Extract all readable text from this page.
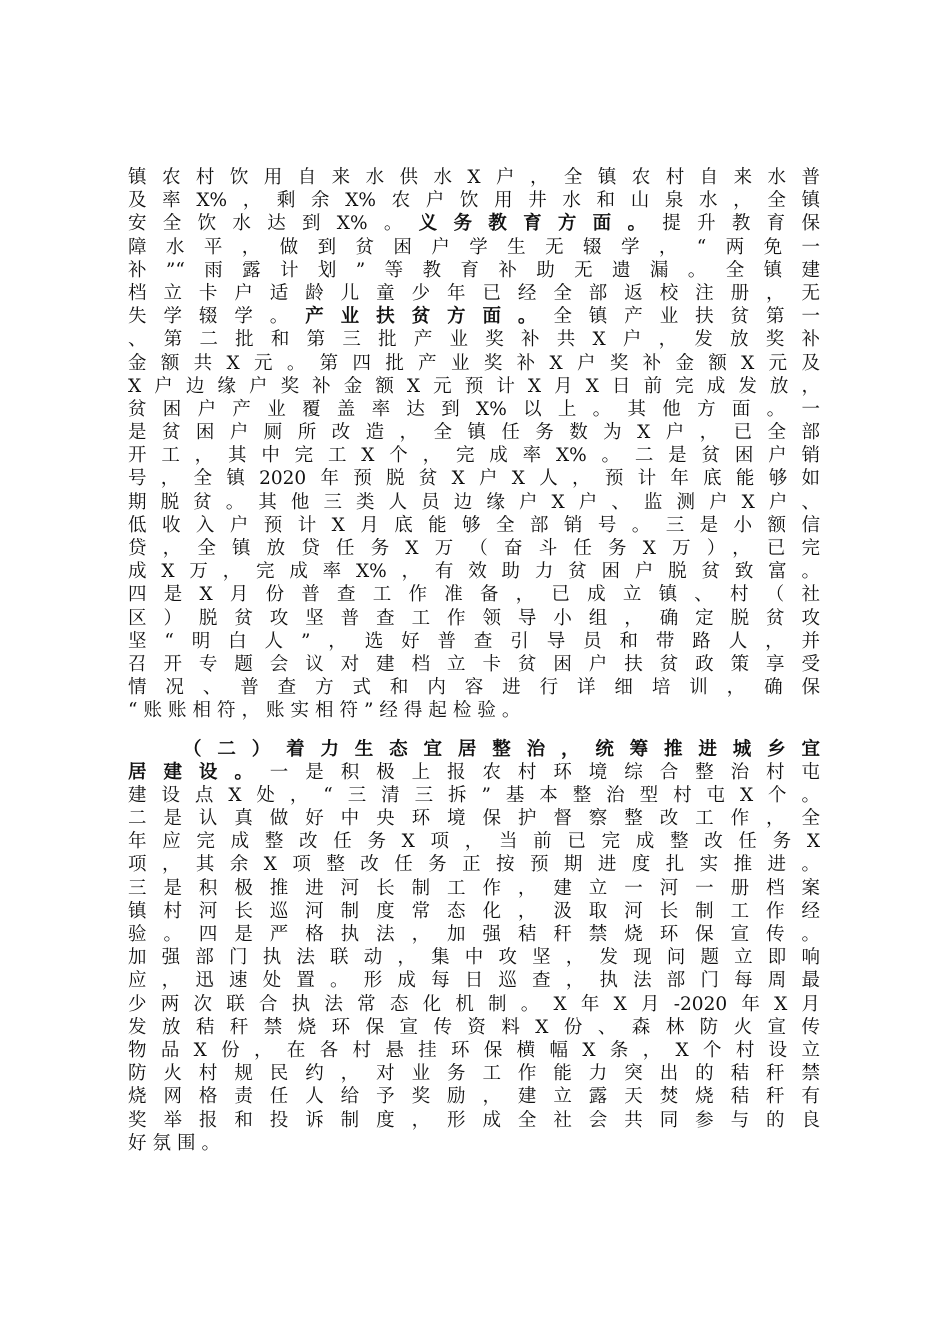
镇农村饮用自来水供水X户，全镇农村自来水普
及率X%，剩余X%农户饮用井水和山泉水，全镇
安全饮水达到X%。义务教育方面。提升教育保
障水平，做到贫困户学生无辍学，“两免一
补”“雨露计划”等教育补助无遗漏。全镇建
档立卡户适龄儿童少年已经全部返校注册，无
失学辍学。产业扶贫方面。全镇产业扶贫第一
、第二批和第三批产业奖补共X户，发放奖补
金额共X元。第四批产业奖补X户奖补金额X元及
X户边缘户奖补金额X元预计X月X日前完成发放，
贫困户产业覆盖率达到X%以上。其他方面。一
是贫困户厕所改造，全镇任务数为X户，已全部
开工，其中完工X个，完成率X%。二是贫困户销
号，全镇2020年预脱贫X户X人，预计年底能够如
期脱贫。其他三类人员边缘户X户、监测户X户、
低收入户预计X月底能够全部销号。三是小额信
贷，全镇放贷任务X万（奋斗任务X万），已完
成X万，完成率X%，有效助力贫困户脱贫致富。
四是X月份普查工作准备，已成立镇、村（社
区）脱贫攻坚普查工作领导小组，确定脱贫攻
坚“明白人”，选好普查引导员和带路人，并
召开专题会议对建档立卡贫困户扶贫政策享受
情况、普查方式和内容进行详细培训，确保
“账账相符，账实相符”经得起检验。
（二）着力生态宜居整治，统筹推进城乡宜
居建设。一是积极上报农村环境综合整治村屯
建设点X处，“三清三拆”基本整治型村屯X个。
二是认真做好中央环境保护督察整改工作，全
年应完成整改任务X项，当前已完成整改任务X
项，其余X项整改任务正按预期进度扎实推进。
三是积极推进河长制工作，建立一河一册档案
镇村河长巡河制度常态化，汲取河长制工作经
验。四是严格执法，加强秸秆禁烧环保宣传。
加强部门执法联动，集中攻坚，发现问题立即响
应，迅速处置。形成每日巡查，执法部门每周最
少两次联合执法常态化机制。X年X月-2020年X月
发放秸秆禁烧环保宣传资料X份、森林防火宣传
物品X份，在各村悬挂环保横幅X条，X个村设立
防火村规民约，对业务工作能力突出的秸秆禁
烧网格责任人给予奖励，建立露天焚烧秸秆有
奖举报和投诉制度，形成全社会共同参与的良
好氛围。
